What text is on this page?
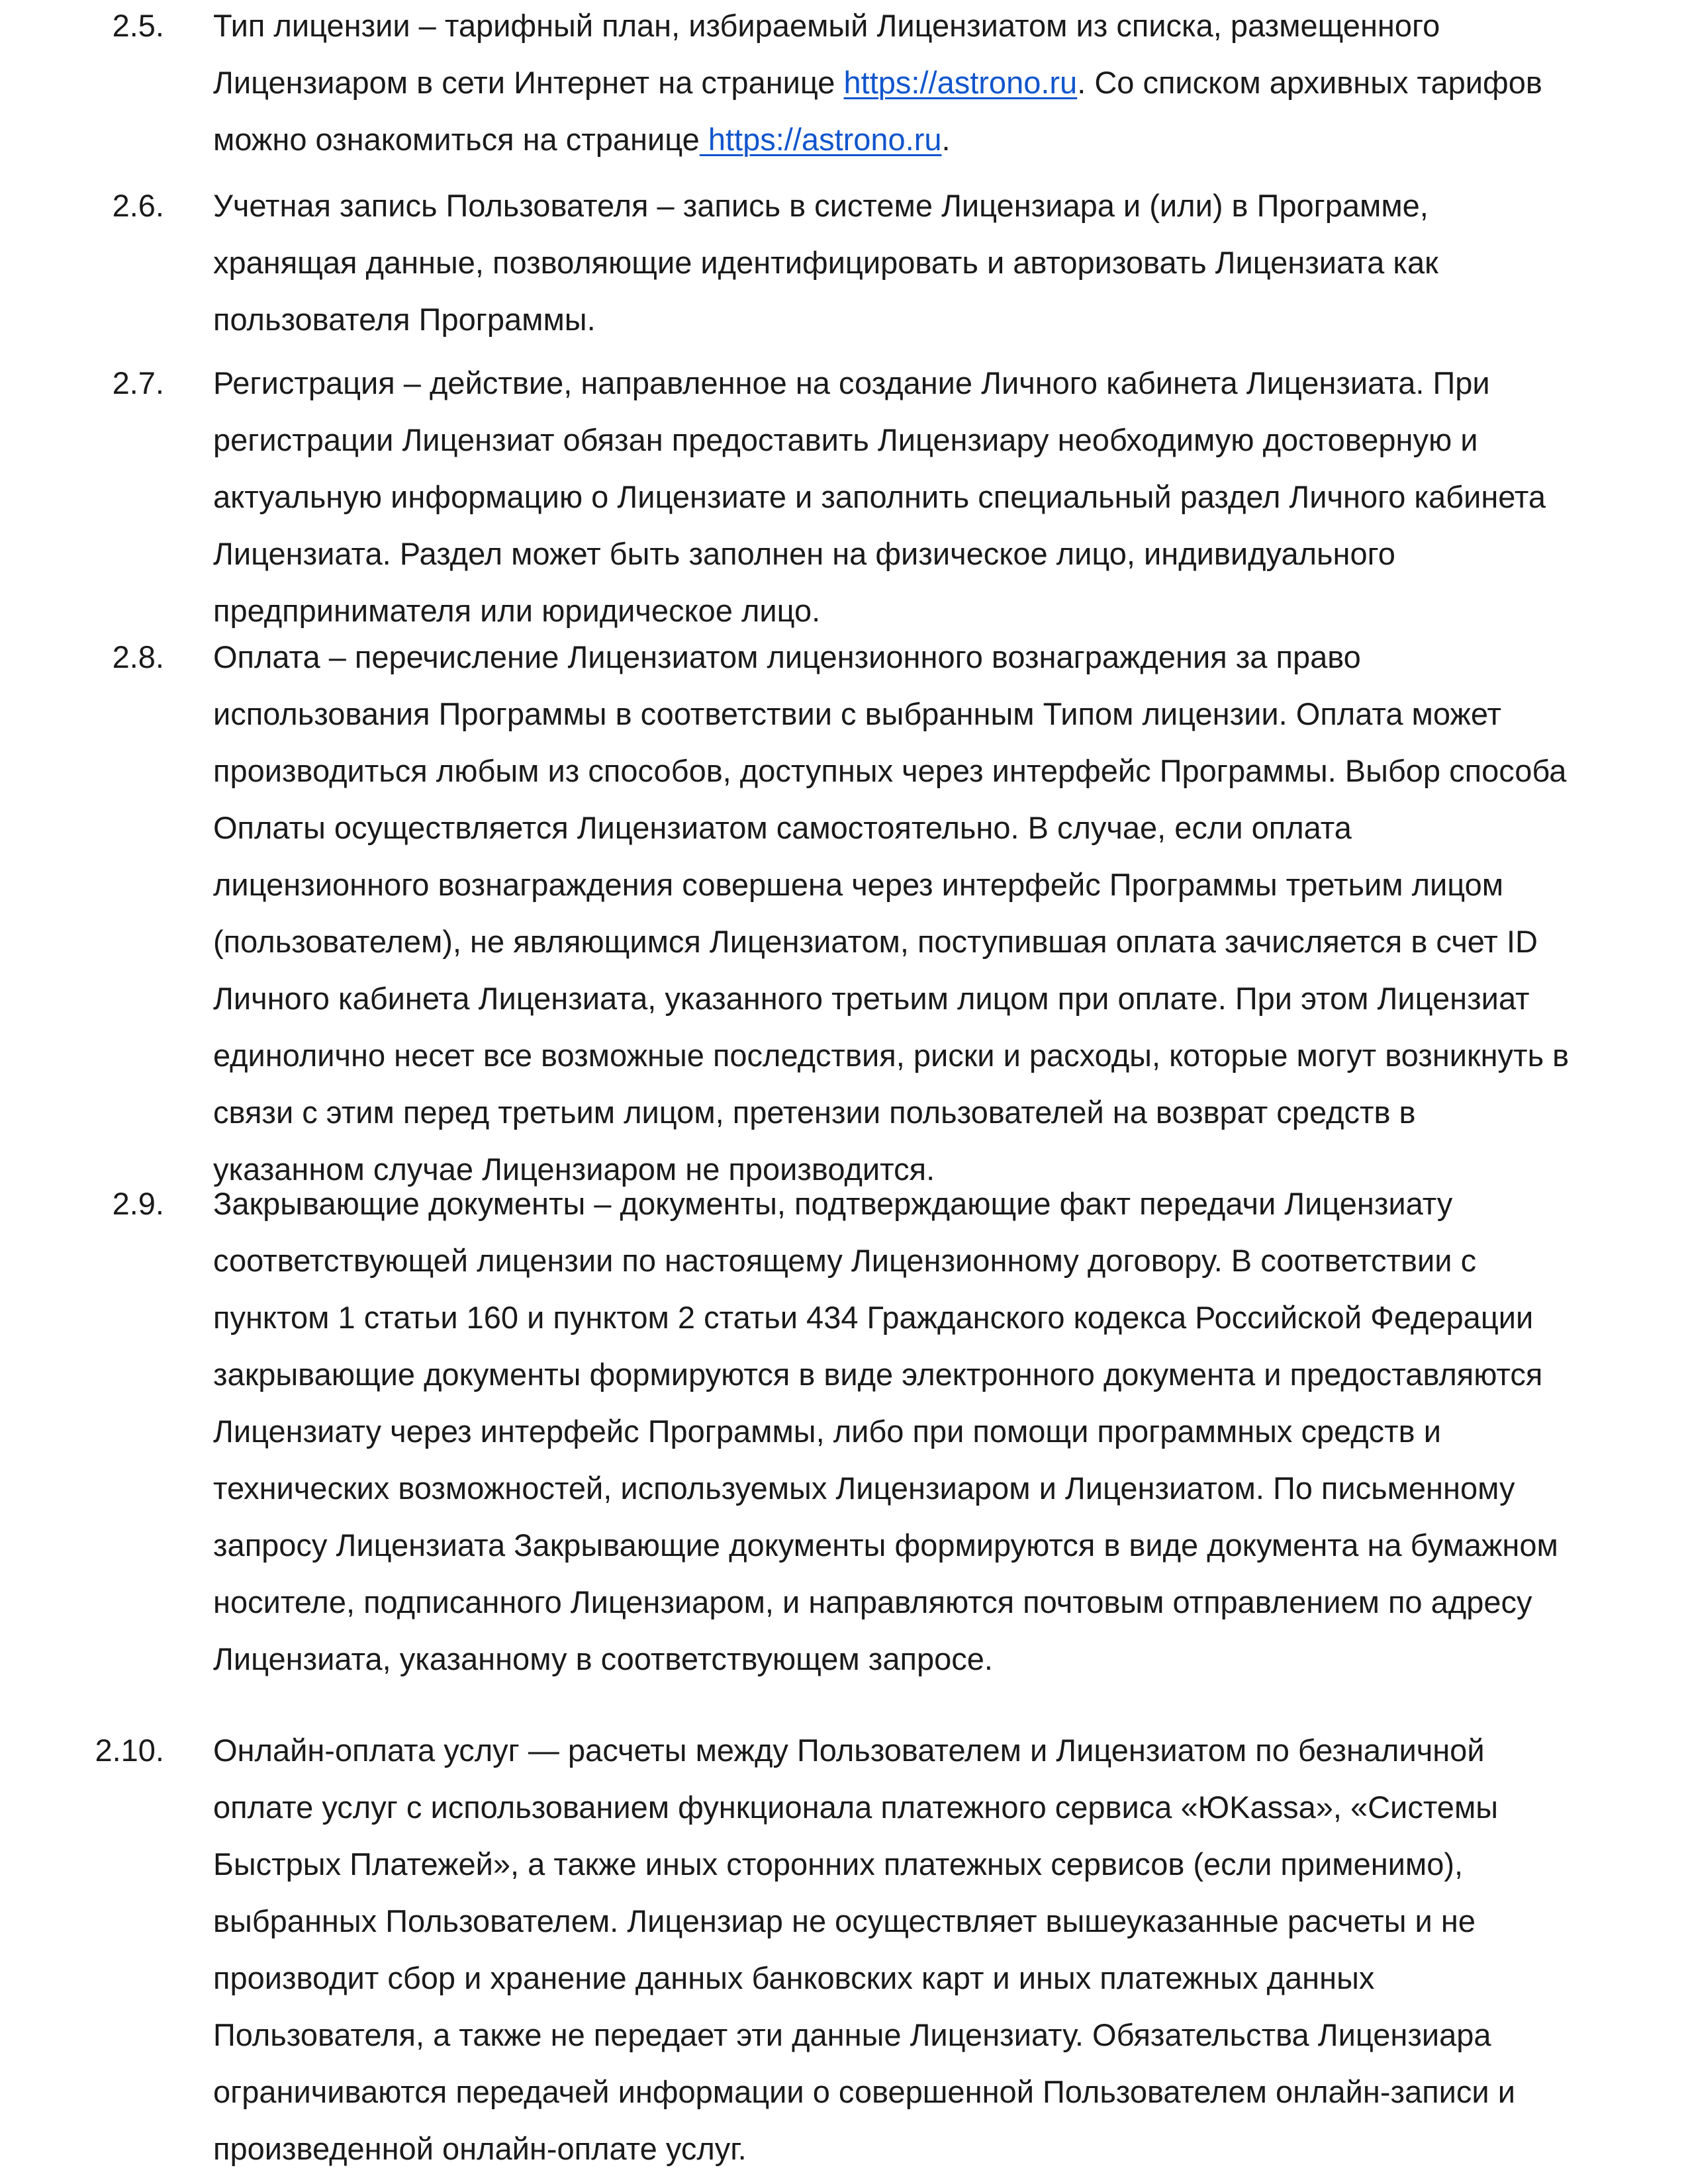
2.5. Тип лицензии – тарифный план, избираемый Лицензиатом из списка, размещенного
Лицензиаром в сети Интернет на странице https://astrono.ru. Со списком архивных тарифов
можно ознакомиться на странице https://astrono.ru.
2.6. Учетная запись Пользователя – запись в системе Лицензиара и (или) в Программе,
хранящая данные, позволяющие идентифицировать и авторизовать Лицензиата как
пользователя Программы.
2.7. Регистрация – действие, направленное на создание Личного кабинета Лицензиата. При
регистрации Лицензиат обязан предоставить Лицензиару необходимую достоверную и
актуальную информацию о Лицензиате и заполнить специальный раздел Личного кабинета
Лицензиата. Раздел может быть заполнен на физическое лицо, индивидуального
предпринимателя или юридическое лицо.
2.8. Оплата – перечисление Лицензиатом лицензионного вознаграждения за право
использования Программы в соответствии с выбранным Типом лицензии. Оплата может
производиться любым из способов, доступных через интерфейс Программы. Выбор способа
Оплаты осуществляется Лицензиатом самостоятельно. В случае, если оплата
лицензионного вознаграждения совершена через интерфейс Программы третьим лицом
(пользователем), не являющимся Лицензиатом, поступившая оплата зачисляется в счет ID
Личного кабинета Лицензиата, указанного третьим лицом при оплате. При этом Лицензиат
единолично несет все возможные последствия, риски и расходы, которые могут возникнуть в
связи с этим перед третьим лицом, претензии пользователей на возврат средств в
указанном случае Лицензиаром не производится.
2.9. Закрывающие документы – документы, подтверждающие факт передачи Лицензиату
соответствующей лицензии по настоящему Лицензионному договору. В соответствии с
пунктом 1 статьи 160 и пунктом 2 статьи 434 Гражданского кодекса Российской Федерации
закрывающие документы формируются в виде электронного документа и предоставляются
Лицензиату через интерфейс Программы, либо при помощи программных средств и
технических возможностей, используемых Лицензиаром и Лицензиатом. По письменному
запросу Лицензиата Закрывающие документы формируются в виде документа на бумажном
носителе, подписанного Лицензиаром, и направляются почтовым отправлением по адресу
Лицензиата, указанному в соответствующем запросе.
2.10. Онлайн-оплата услуг — расчеты между Пользователем и Лицензиатом по безналичной
оплате услуг с использованием функционала платежного сервиса «ЮKassa», «Системы
Быстрых Платежей», а также иных сторонних платежных сервисов (если применимо),
выбранных Пользователем. Лицензиар не осуществляет вышеуказанные расчеты и не
производит сбор и хранение данных банковских карт и иных платежных данных
Пользователя, а также не передает эти данные Лицензиату. Обязательства Лицензиара
ограничиваются передачей информации о совершенной Пользователем онлайн-записи и
произведенной онлайн-оплате услуг.
